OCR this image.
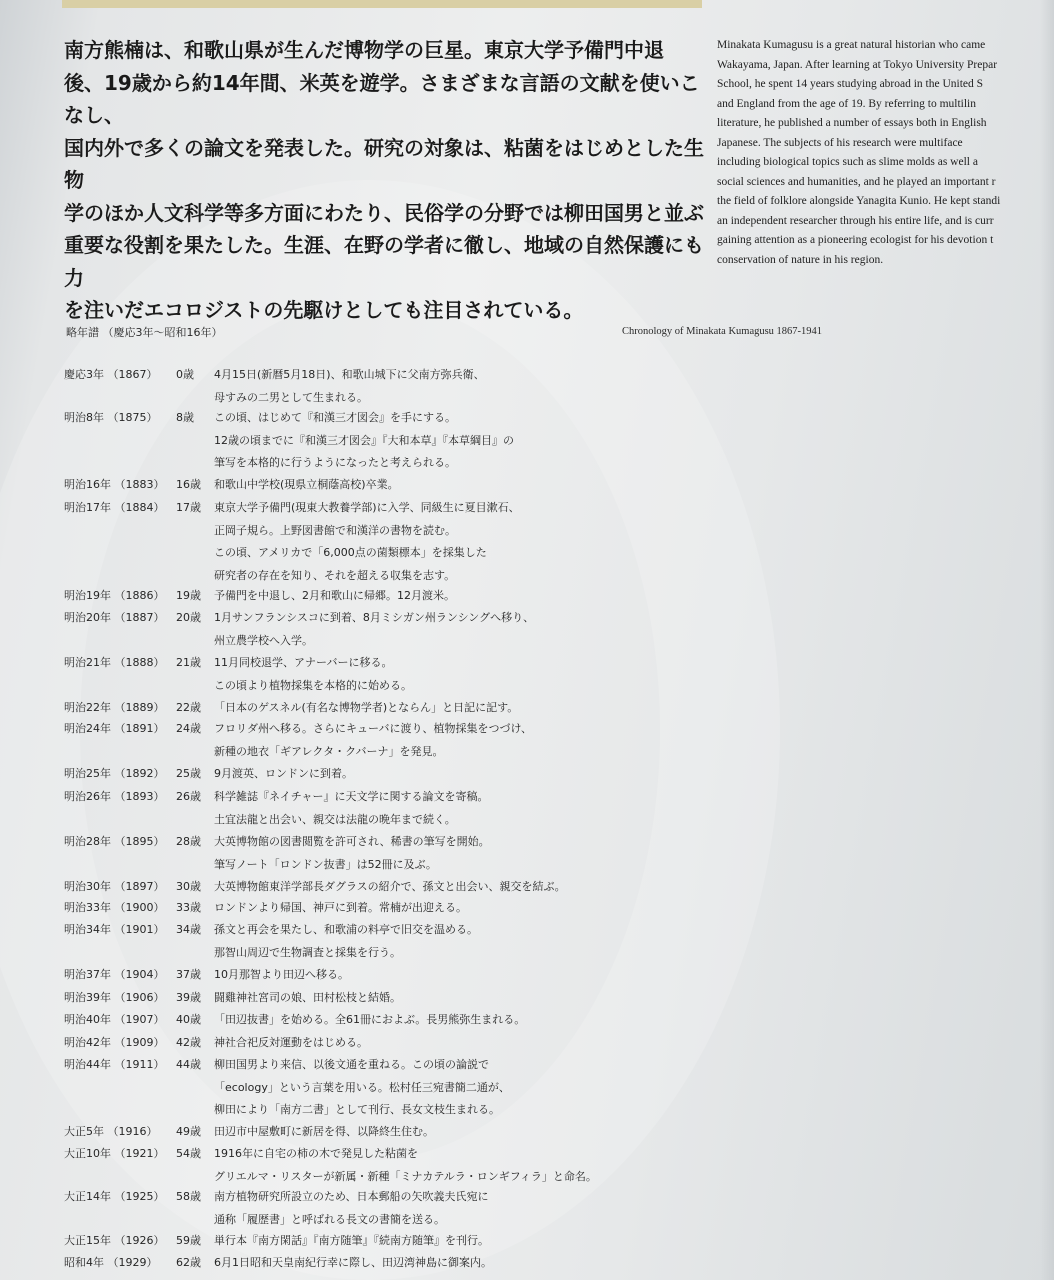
南方熊楠は、和歌山県が生んだ博物学の巨星。東京大学予備門中退
後、19歳から約14年間、米英を遊学。さまざまな言語の文献を使いこなし、
国内外で多くの論文を発表した。研究の対象は、粘菌をはじめとした生物
学のほか人文科学等多方面にわたり、民俗学の分野では柳田国男と並ぶ
重要な役割を果たした。生涯、在野の学者に徹し、地域の自然保護にも力
を注いだエコロジストの先駆けとしても注目されている。

Minakata Kumagusu is a great natural historian who came
Wakayama, Japan. After learning at Tokyo University Prepar
School, he spent 14 years studying abroad in the United S
and England from the age of 19. By referring to multilin
literature, he published a number of essays both in English
Japanese. The subjects of his research were multiface
including biological topics such as slime molds as well a
social sciences and humanities, and he played an important r
the field of folklore alongside Yanagita Kunio. He kept standi
an independent researcher through his entire life, and is curr
gaining attention as a pioneering ecologist for his devotion t
conservation of nature in his region.

略年譜 （慶応3年〜昭和16年）	Chronology of Minakata Kumagusu 1867-1941
慶応3年 （1867）	0歳	4月15日(新暦5月18日)、和歌山城下に父南方弥兵衛、
母すみの二男として生まれる。
明治8年 （1875）	8歳	この頃、はじめて『和漢三才図会』を手にする。
12歳の頃までに『和漢三才図会』『大和本草』『本草綱目』の
筆写を本格的に行うようになったと考えられる。
明治16年 （1883）	16歳	和歌山中学校(現県立桐蔭高校)卒業。
明治17年 （1884）	17歳	東京大学予備門(現東大教養学部)に入学、同級生に夏目漱石、
正岡子規ら。上野図書館で和漢洋の書物を読む。
この頃、アメリカで「6,000点の菌類標本」を採集した
研究者の存在を知り、それを超える収集を志す。
明治19年 （1886）	19歳	予備門を中退し、2月和歌山に帰郷。12月渡米。
明治20年 （1887）	20歳	1月サンフランシスコに到着、8月ミシガン州ランシングへ移り、
州立農学校へ入学。
明治21年 （1888）	21歳	11月同校退学、アナーバーに移る。
この頃より植物採集を本格的に始める。
明治22年 （1889）	22歳	「日本のゲスネル(有名な博物学者)とならん」と日記に記す。
明治24年 （1891）	24歳	フロリダ州へ移る。さらにキューバに渡り、植物採集をつづけ、
新種の地衣「ギアレクタ・クバーナ」を発見。
明治25年 （1892）	25歳	9月渡英、ロンドンに到着。
明治26年 （1893）	26歳	科学雑誌『ネイチャー』に天文学に関する論文を寄稿。
土宜法龍と出会い、親交は法龍の晩年まで続く。
明治28年 （1895）	28歳	大英博物館の図書閲覧を許可され、稀書の筆写を開始。
筆写ノート「ロンドン抜書」は52冊に及ぶ。
明治30年 （1897）	30歳	大英博物館東洋学部長ダグラスの紹介で、孫文と出会い、親交を結ぶ。
明治33年 （1900）	33歳	ロンドンより帰国、神戸に到着。常楠が出迎える。
明治34年 （1901）	34歳	孫文と再会を果たし、和歌浦の料亭で旧交を温める。
那智山周辺で生物調査と採集を行う。
明治37年 （1904）	37歳	10月那智より田辺へ移る。
明治39年 （1906）	39歳	闘雞神社宮司の娘、田村松枝と結婚。
明治40年 （1907）	40歳	「田辺抜書」を始める。全61冊におよぶ。長男熊弥生まれる。
明治42年 （1909）	42歳	神社合祀反対運動をはじめる。
明治44年 （1911）	44歳	柳田国男より来信、以後文通を重ねる。この頃の論説で
「ecology」という言葉を用いる。松村任三宛書簡二通が、
柳田により「南方二書」として刊行、長女文枝生まれる。
大正5年 （1916）	49歳	田辺市中屋敷町に新居を得、以降終生住む。
大正10年 （1921）	54歳	1916年に自宅の柿の木で発見した粘菌を
グリエルマ・リスターが新属・新種「ミナカテルラ・ロンギフィラ」と命名。
大正14年 （1925）	58歳	南方植物研究所設立のため、日本郵船の矢吹義夫氏宛に
通称「履歴書」と呼ばれる長文の書簡を送る。
大正15年 （1926）	59歳	単行本『南方閑話』『南方随筆』『続南方随筆』を刊行。
昭和4年 （1929）	62歳	6月1日昭和天皇南紀行幸に際し、田辺湾神島に御案内。
